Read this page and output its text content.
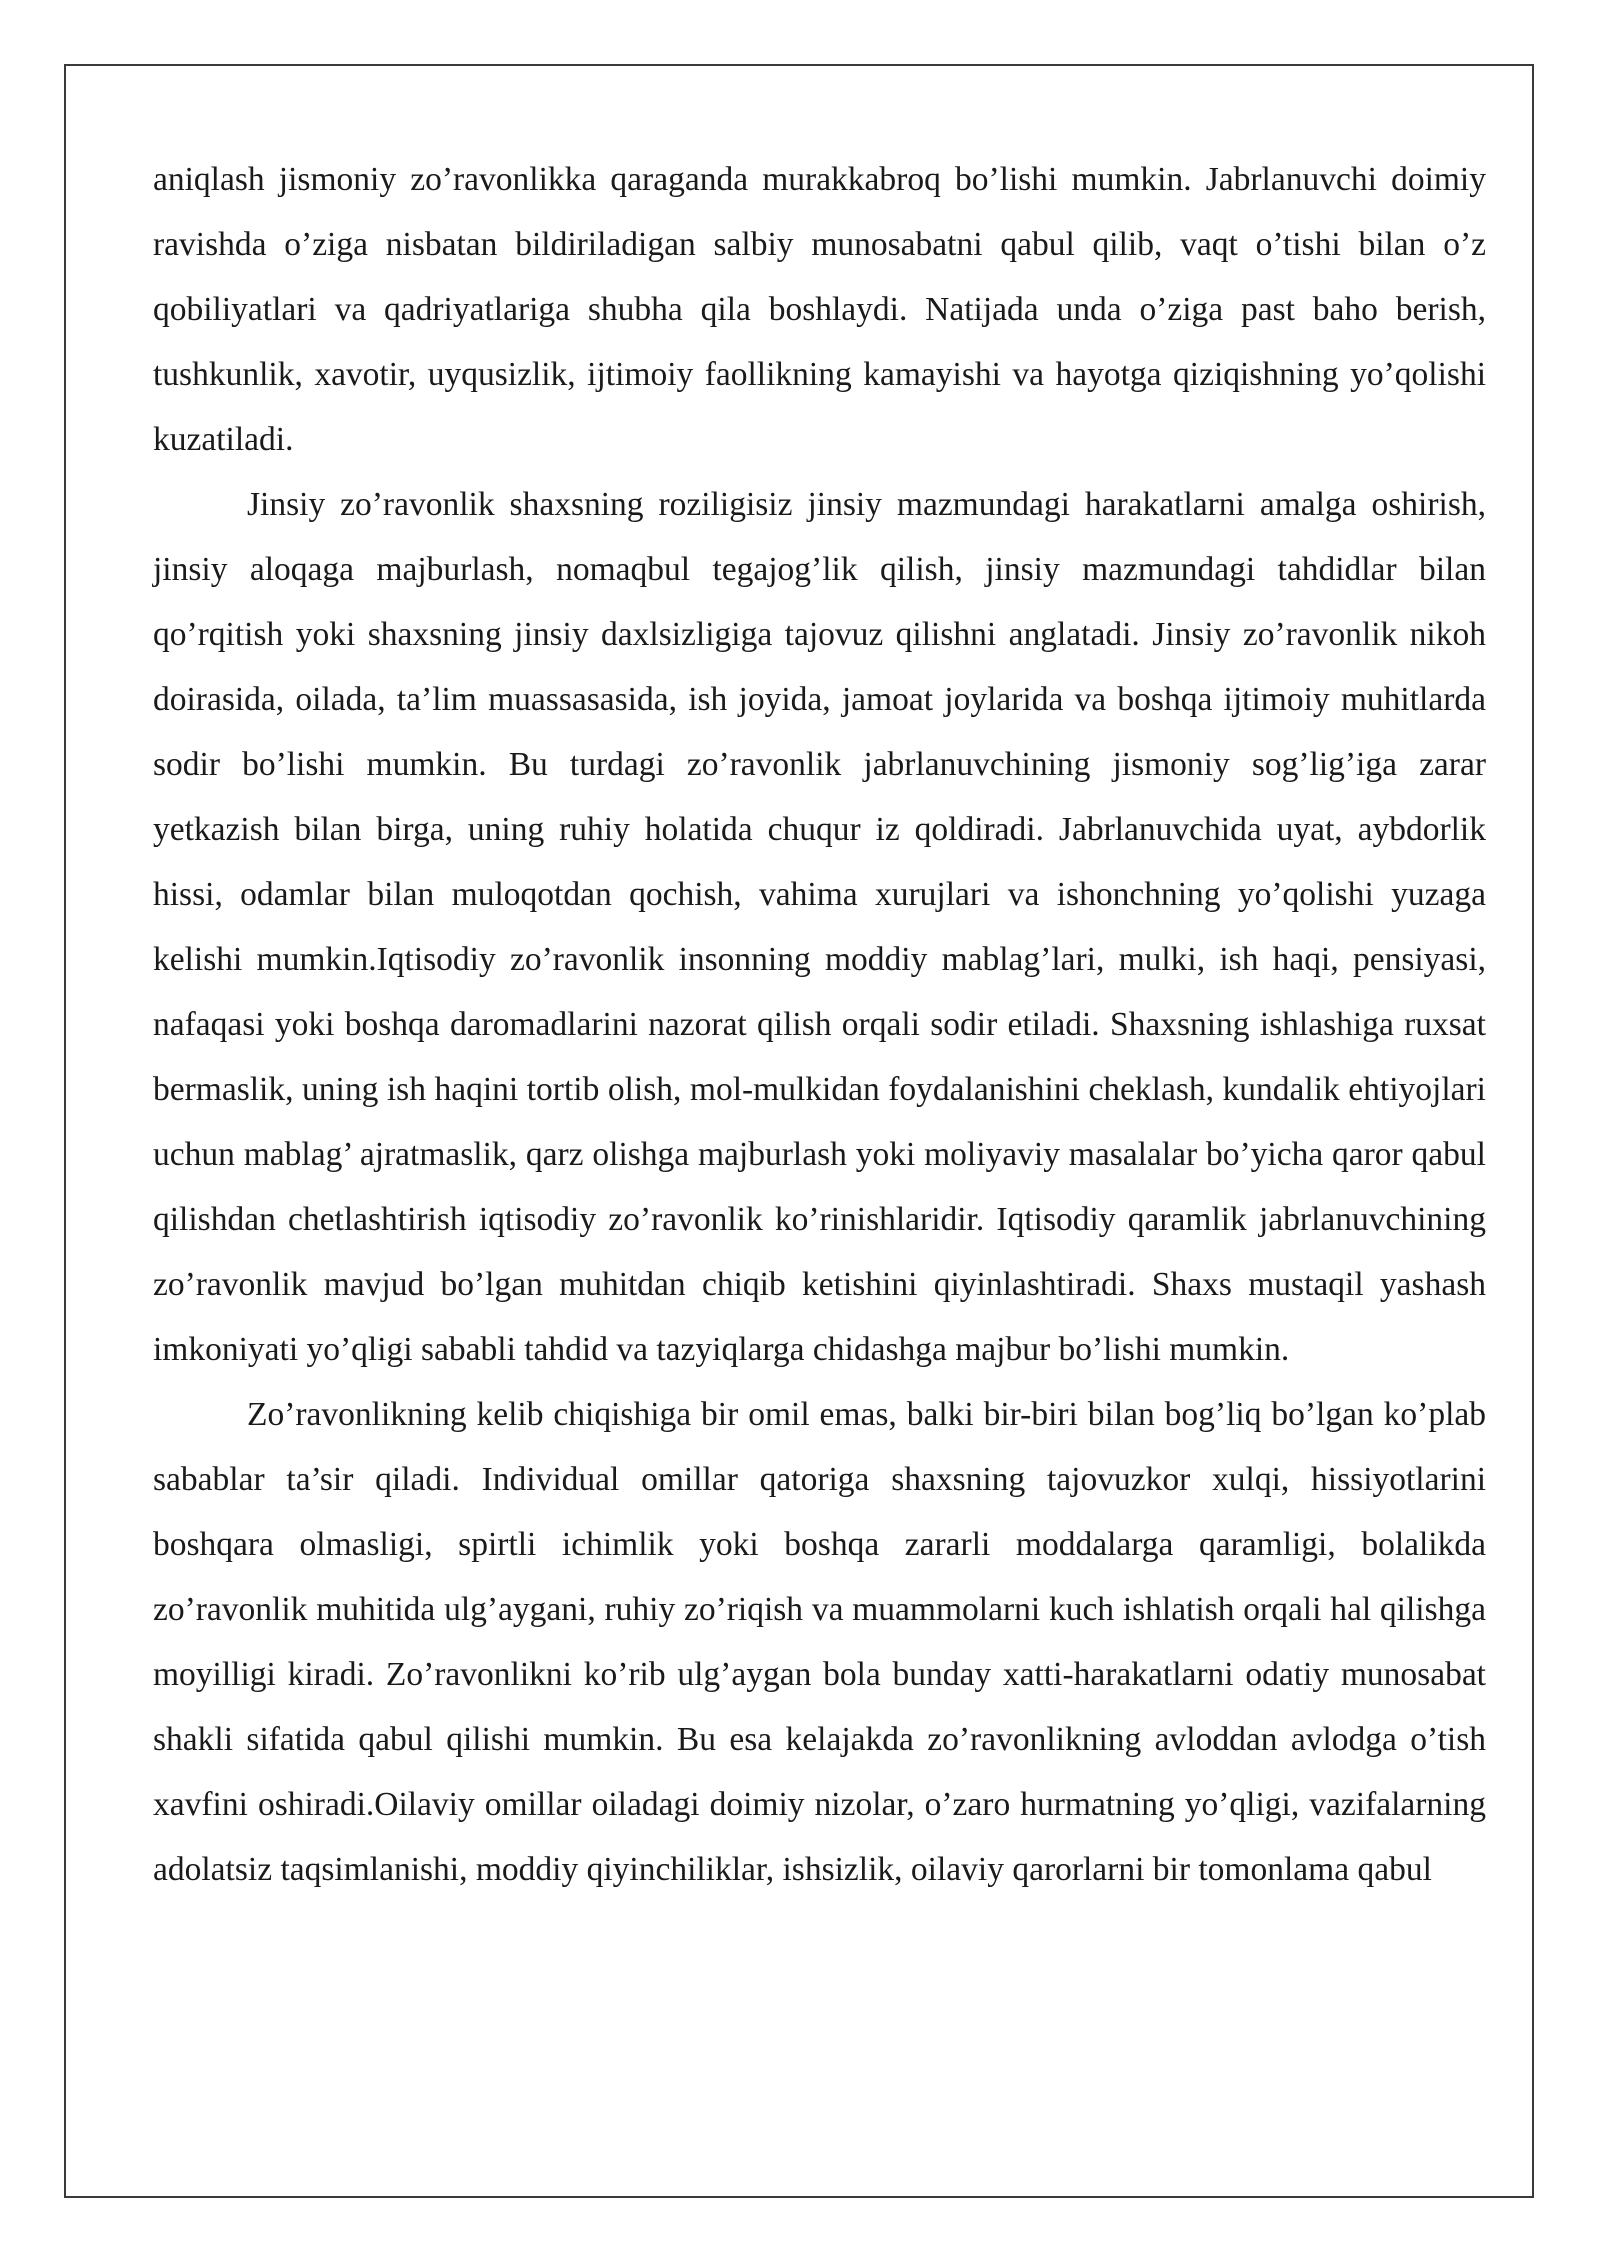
aniqlash jismoniy zo’ravonlikka qaraganda murakkabroq bo’lishi mumkin. Jabrlanuvchi doimiy ravishda o’ziga nisbatan bildiriladigan salbiy munosabatni qabul qilib, vaqt o’tishi bilan o’z qobiliyatlari va qadriyatlariga shubha qila boshlaydi. Natijada unda o’ziga past baho berish, tushkunlik, xavotir, uyqusizlik, ijtimoiy faollikning kamayishi va hayotga qiziqishning yo’qolishi kuzatiladi.

Jinsiy zo’ravonlik shaxsning roziligisiz jinsiy mazmundagi harakatlarni amalga oshirish, jinsiy aloqaga majburlash, nomaqbul tegajog’lik qilish, jinsiy mazmundagi tahdidlar bilan qo’rqitish yoki shaxsning jinsiy daxlsizligiga tajovuz qilishni anglatadi. Jinsiy zo’ravonlik nikoh doirasida, oilada, ta’lim muassasasida, ish joyida, jamoat joylarida va boshqa ijtimoiy muhitlarda sodir bo’lishi mumkin. Bu turdagi zo’ravonlik jabrlanuvchining jismoniy sog’lig’iga zarar yetkazish bilan birga, uning ruhiy holatida chuqur iz qoldiradi. Jabrlanuvchida uyat, aybdorlik hissi, odamlar bilan muloqotdan qochish, vahima xurujlari va ishonchning yo’qolishi yuzaga kelishi mumkin.Iqtisodiy zo’ravonlik insonning moddiy mablag’lari, mulki, ish haqi, pensiyasi, nafaqasi yoki boshqa daromadlarini nazorat qilish orqali sodir etiladi. Shaxsning ishlashiga ruxsat bermaslik, uning ish haqini tortib olish, mol-mulkidan foydalanishini cheklash, kundalik ehtiyojlari uchun mablag’ ajratmaslik, qarz olishga majburlash yoki moliyaviy masalalar bo’yicha qaror qabul qilishdan chetlashtirish iqtisodiy zo’ravonlik ko’rinishlaridir. Iqtisodiy qaramlik jabrlanuvchining zo’ravonlik mavjud bo’lgan muhitdan chiqib ketishini qiyinlashtiradi. Shaxs mustaqil yashash imkoniyati yo’qligi sababli tahdid va tazyiqlarga chidashga majbur bo’lishi mumkin.

Zo’ravonlikning kelib chiqishiga bir omil emas, balki bir-biri bilan bog’liq bo’lgan ko’plab sabablar ta’sir qiladi. Individual omillar qatoriga shaxsning tajovuzkor xulqi, hissiyotlarini boshqara olmasligi, spirtli ichimlik yoki boshqa zararli moddalarga qaramligi, bolalikda zo’ravonlik muhitida ulg’aygani, ruhiy zo’riqish va muammolarni kuch ishlatish orqali hal qilishga moyilligi kiradi. Zo’ravonlikni ko’rib ulg’aygan bola bunday xatti-harakatlarni odatiy munosabat shakli sifatida qabul qilishi mumkin. Bu esa kelajakda zo’ravonlikning avloddan avlodga o’tish xavfini oshiradi.Oilaviy omillar oiladagi doimiy nizolar, o’zaro hurmatning yo’qligi, vazifalarning adolatsiz taqsimlanishi, moddiy qiyinchiliklar, ishsizlik, oilaviy qarorlarni bir tomonlama qabul
